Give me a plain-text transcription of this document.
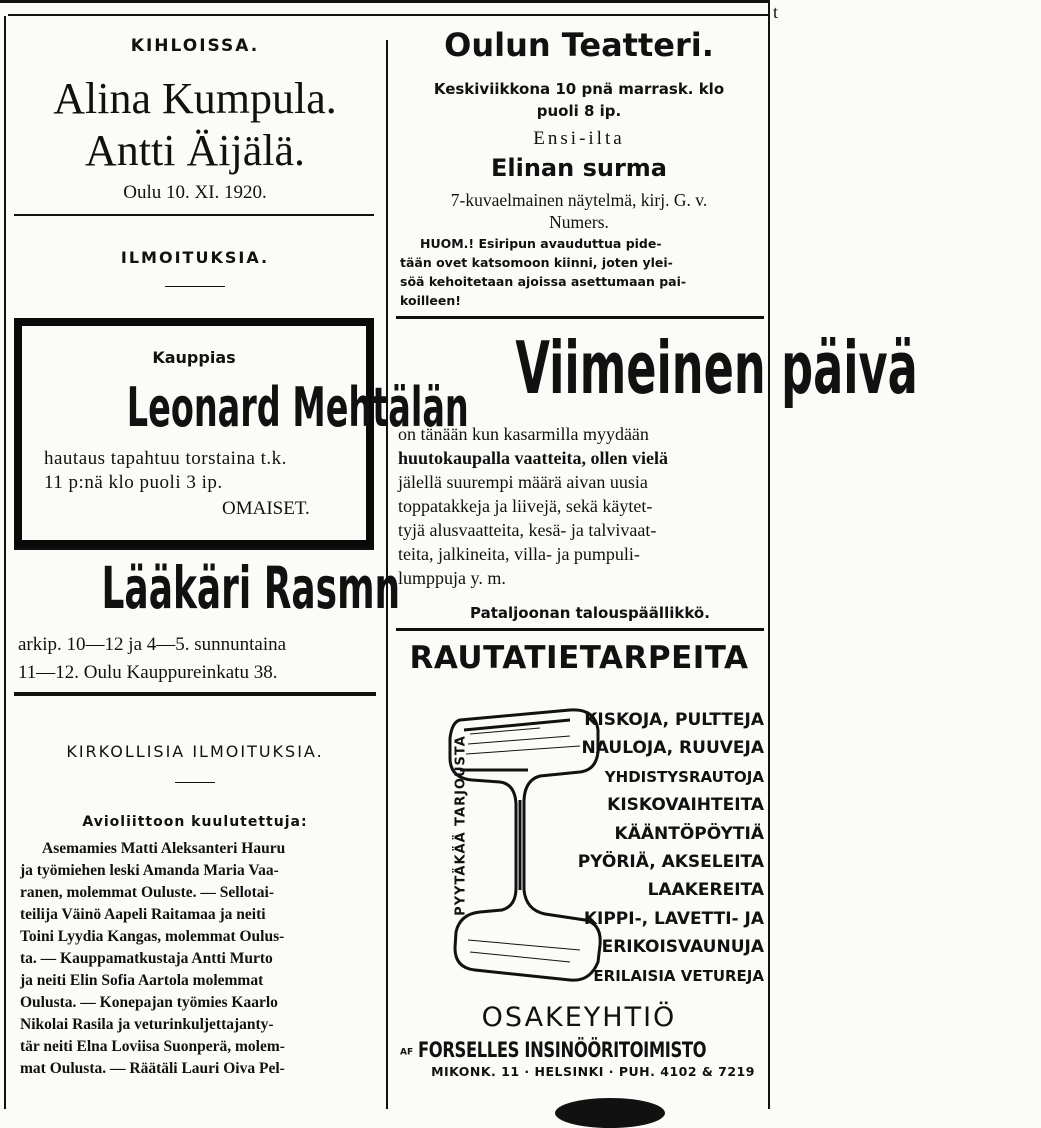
t
KIHLOISSA.
Alina Kumpula.
Antti Äijälä.
Oulu 10. XI. 1920.
ILMOITUKSIA.
Kauppias
Leonard Mehtälän
hautaus tapahtuu torstaina t.k.
11 p:nä klo puoli 3 ip.
OMAISET.
Lääkäri Rasmn
arkip. 10—12 ja 4—5. sunnuntaina
11—12. Oulu Kauppureinkatu 38.
KIRKOLLISIA ILMOITUKSIA.
Avioliittoon kuulutettuja:
Asemamies Matti Aleksanteri Hauru
ja työmiehen leski Amanda Maria Vaa-
ranen, molemmat Ouluste. — Sellotai-
teilija Väinö Aapeli Raitamaa ja neiti
Toini Lyydia Kangas, molemmat Oulus-
ta. — Kauppamatkustaja Antti Murto
ja neiti Elin Sofia Aartola molemmat
Oulusta. — Konepajan työmies Kaarlo
Nikolai Rasila ja veturinkuljettajanty-
tär neiti Elna Loviisa Suonperä, molem-
mat Oulusta. — Räätäli Lauri Oiva Pel-
Oulun Teatteri.
Keskiviikkona 10 pnä marrask. klo
puoli 8 ip.
Ensi-ilta
Elinan surma
7-kuvaelmainen näytelmä, kirj. G. v.
Numers.
HUOM.! Esiripun avauduttua pide-
tään ovet katsomoon kiinni, joten ylei-
söä kehoitetaan ajoissa asettumaan pai-
koilleen!
Viimeinen päivä
on tänään kun kasarmilla myydään
huutokaupalla vaatteita, ollen vielä
jälellä suurempi määrä aivan uusia
toppatakkeja ja liivejä, sekä käytet-
tyjä alusvaatteita, kesä- ja talvivaat-
teita, jalkineita, villa- ja pumpuli-
lumppuja y. m.
Pataljoonan talouspäällikkö.
RAUTATIETARPEITA
PYYTÄKÄÄ TARJOUSTA
KISKOJA, PULTTEJA
NAULOJA, RUUVEJA
YHDISTYSRAUTOJA
KISKOVAIHTEITA
KÄÄNTÖPÖYTIÄ
PYÖRIÄ, AKSELEITA
LAAKEREITA
KIPPI-, LAVETTI- JA
ERIKOISVAUNUJA
ERILAISIA VETUREJA
OSAKEYHTIÖ
AF FORSELLES INSINÖÖRITOIMISTO
MIKONK. 11 · HELSINKI · PUH. 4102 & 7219
